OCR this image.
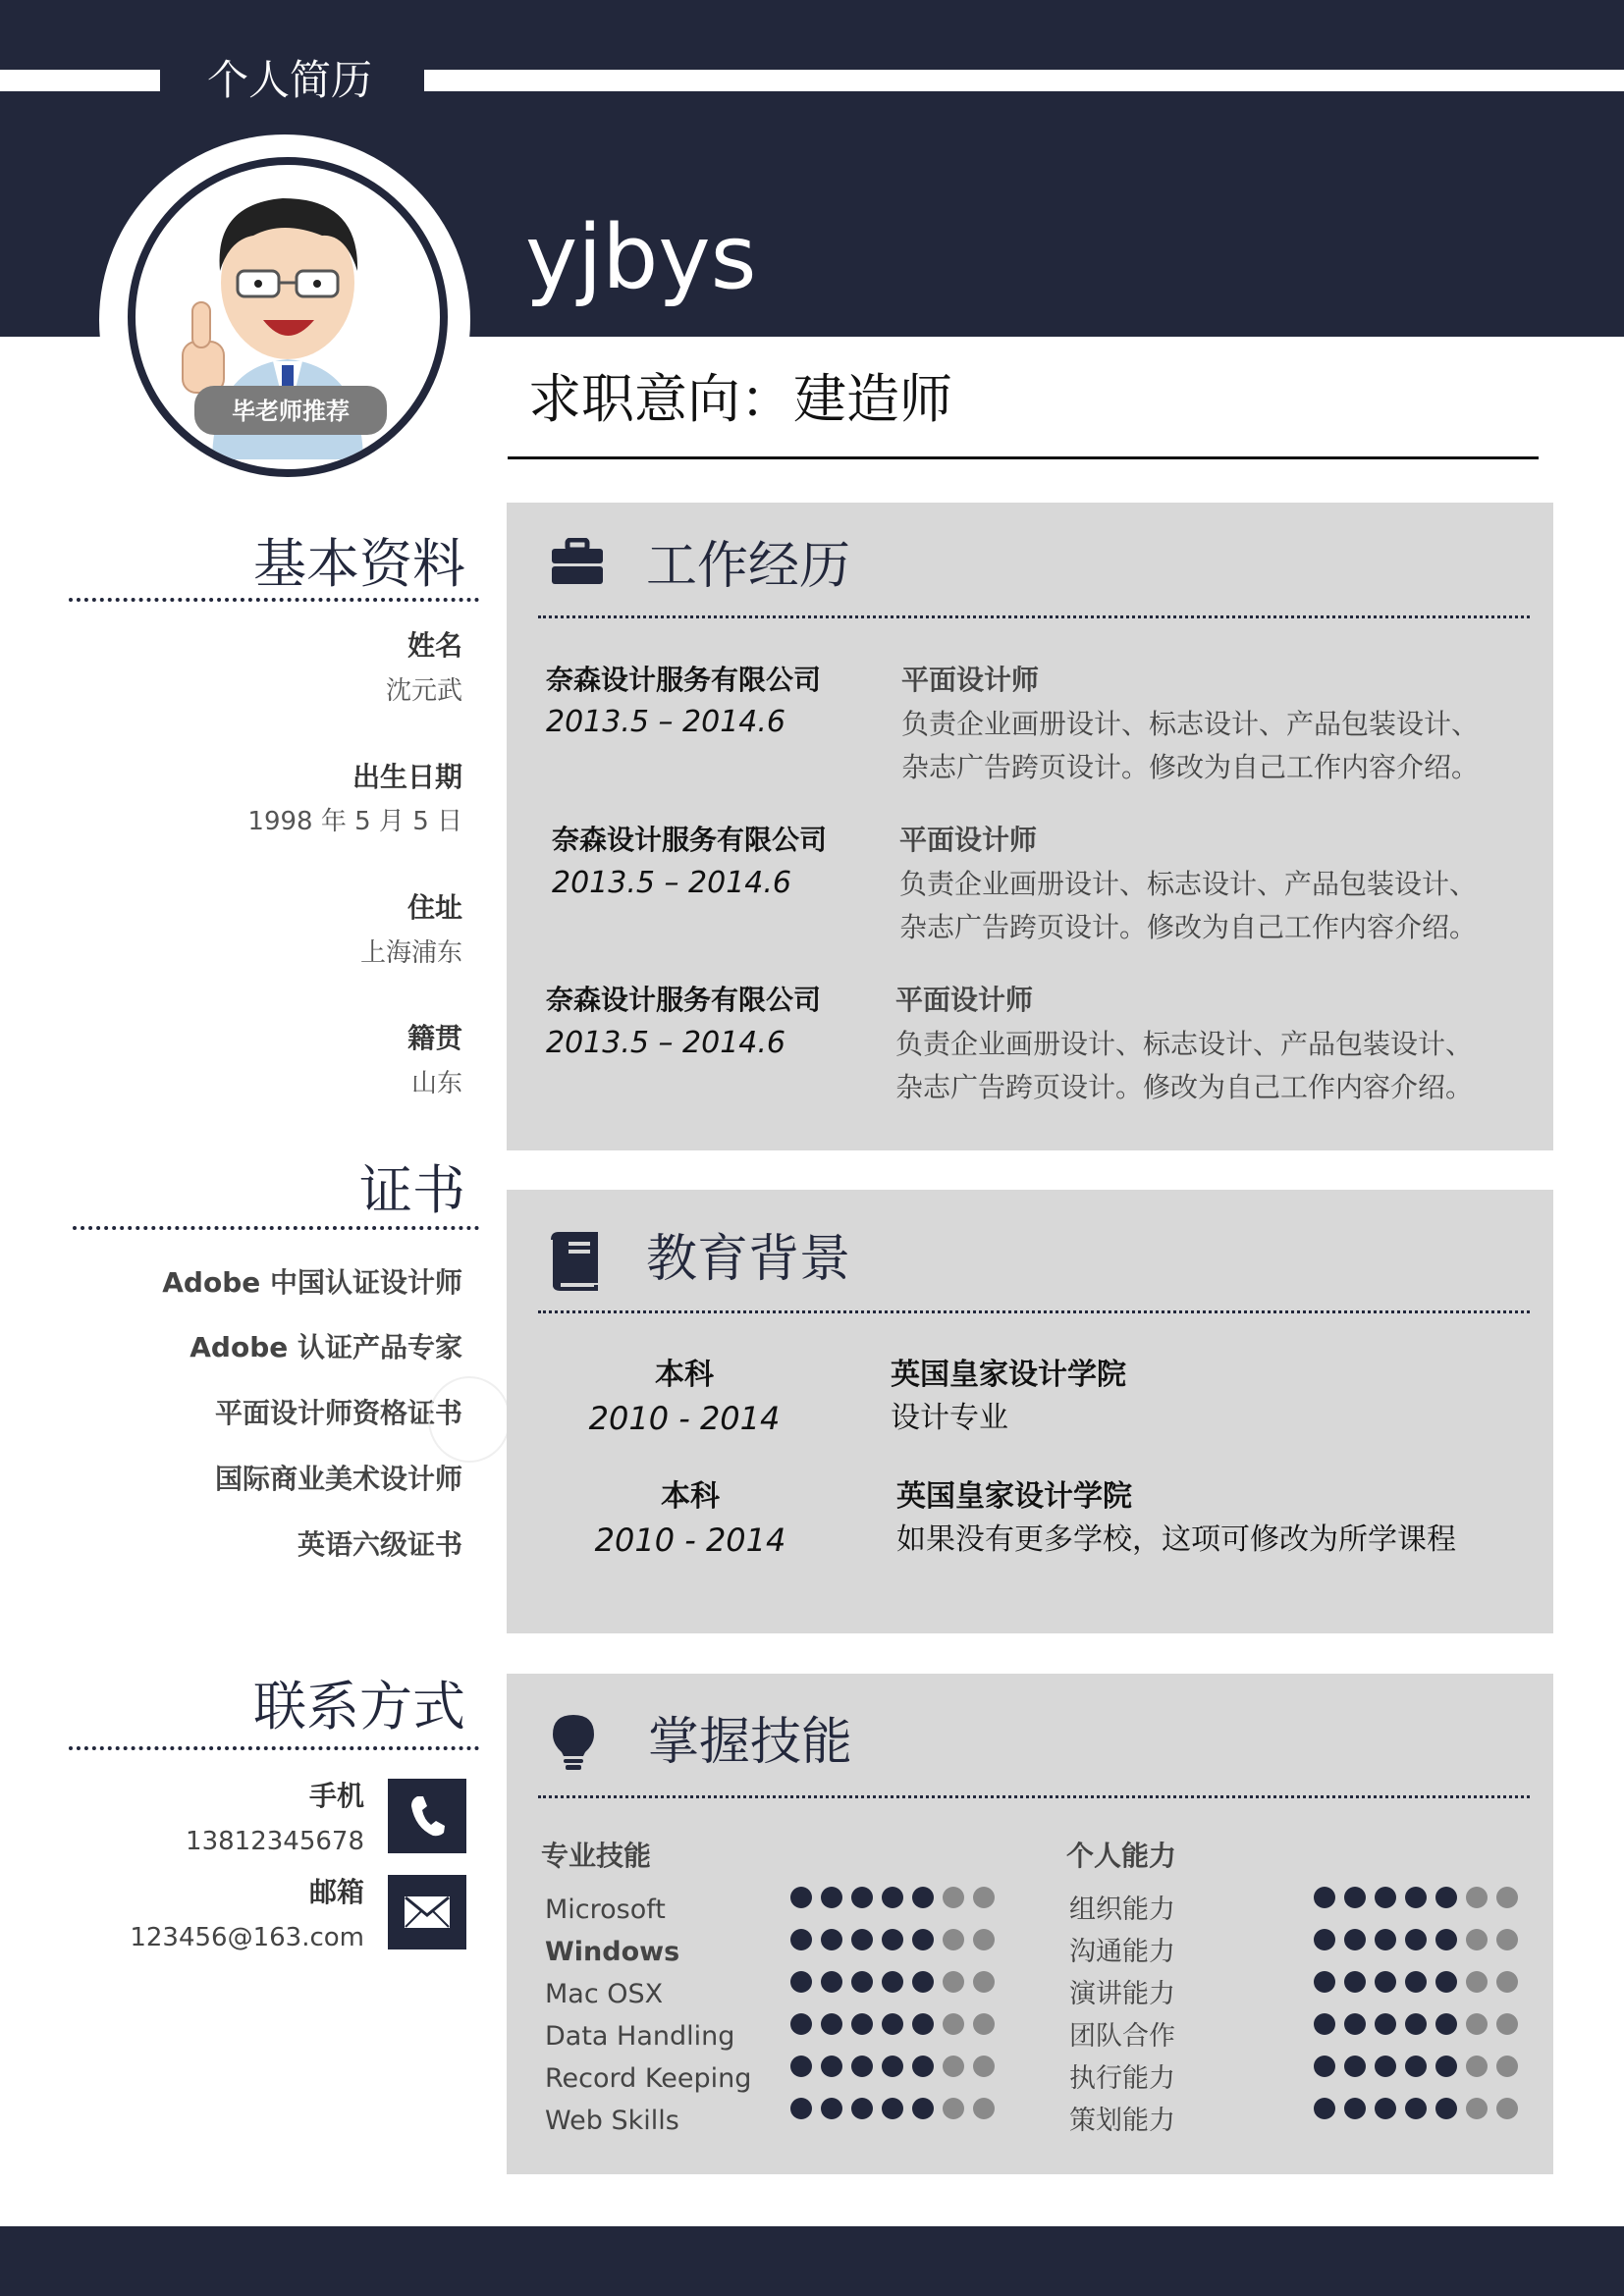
个人简历
yjbys
毕老师推荐	求职意向：建造师
基本资料
姓名
沈元武
出生日期
1998 年 5 月 5 日
住址
上海浦东
籍贯
山东
证书
Adobe 中国认证设计师
Adobe 认证产品专家
平面设计师资格证书
国际商业美术设计师
英语六级证书
联系方式
手机
13812345678
邮箱
123456@163.com
工作经历
奈森设计服务有限公司
2013.5 – 2014.6
平面设计师
负责企业画册设计、标志设计、产品包装设计、杂志广告跨页设计。修改为自己工作内容介绍。
奈森设计服务有限公司
2013.5 – 2014.6
平面设计师
负责企业画册设计、标志设计、产品包装设计、杂志广告跨页设计。修改为自己工作内容介绍。
奈森设计服务有限公司
2013.5 – 2014.6
平面设计师
负责企业画册设计、标志设计、产品包装设计、杂志广告跨页设计。修改为自己工作内容介绍。
教育背景
本科
2010 - 2014
英国皇家设计学院
设计专业
本科
2010 - 2014
英国皇家设计学院
如果没有更多学校，这项可修改为所学课程
掌握技能
专业技能	个人能力
Microsoft
Windows
Mac OSX
Data Handling
Record Keeping
Web Skills
组织能力
沟通能力
演讲能力
团队合作
执行能力
策划能力
